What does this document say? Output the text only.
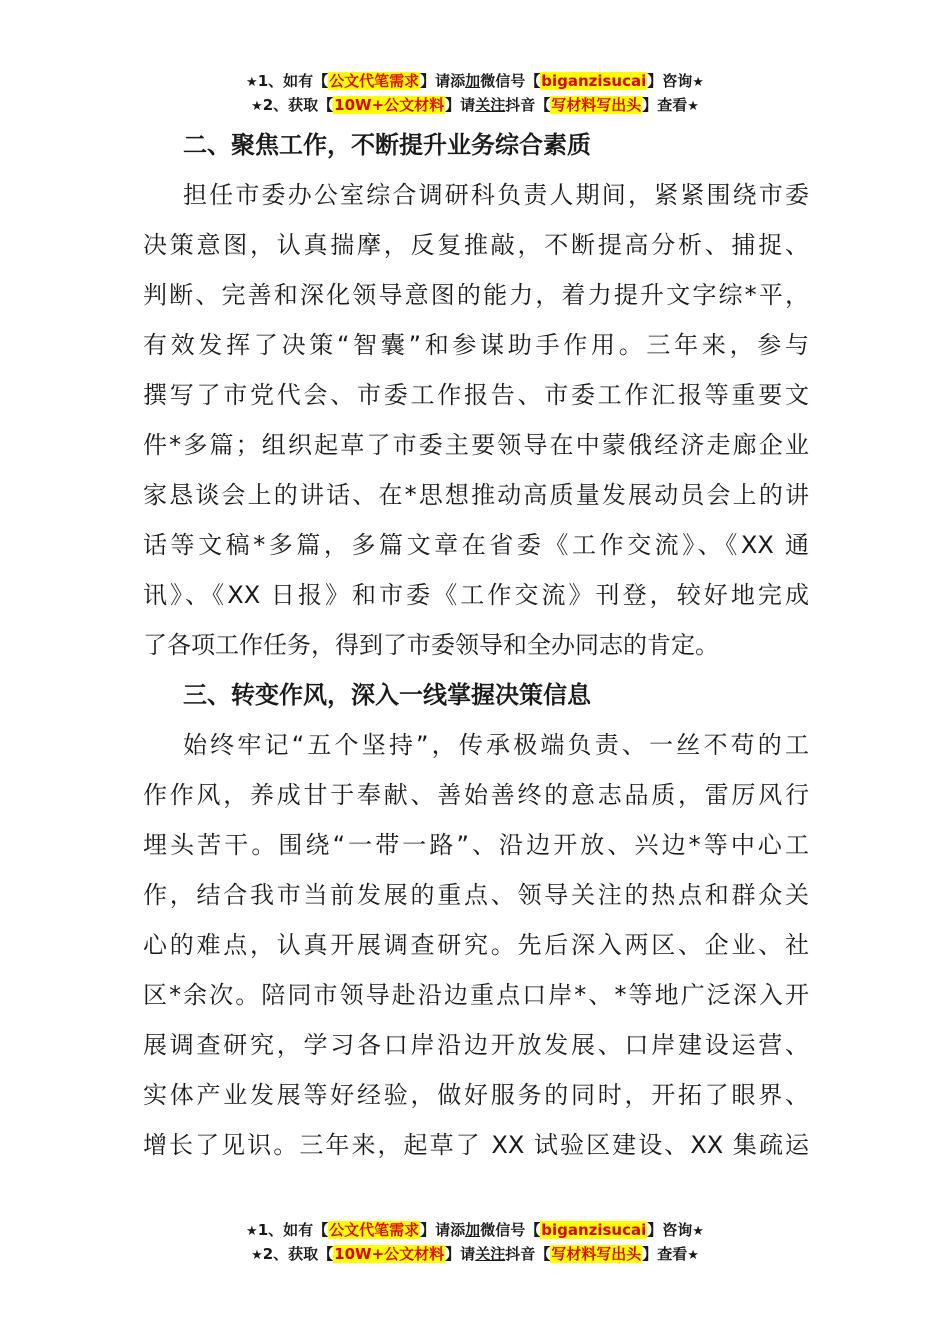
★1、如有【公文代笔需求】请添加微信号【biganzisucai】咨询★
★2、获取【10W+公文材料】请关注抖音【写材料写出头】查看★
二、聚焦工作，不断提升业务综合素质
担任市委办公室综合调研科负责人期间，紧紧围绕市委
决策意图，认真揣摩，反复推敲，不断提高分析、捕捉、
判断、完善和深化领导意图的能力，着力提升文字综*平，
有效发挥了决策“智囊”和参谋助手作用。三年来，参与
撰写了市党代会、市委工作报告、市委工作汇报等重要文
件*多篇；组织起草了市委主要领导在中蒙俄经济走廊企业
家恳谈会上的讲话、在*思想推动高质量发展动员会上的讲
话等文稿*多篇，多篇文章在省委《工作交流》、《XX 通
讯》、《XX 日报》和市委《工作交流》刊登，较好地完成
了各项工作任务，得到了市委领导和全办同志的肯定。
三、转变作风，深入一线掌握决策信息
始终牢记“五个坚持”，传承极端负责、一丝不苟的工
作作风，养成甘于奉献、善始善终的意志品质，雷厉风行
埋头苦干。围绕“一带一路”、沿边开放、兴边*等中心工
作，结合我市当前发展的重点、领导关注的热点和群众关
心的难点，认真开展调查研究。先后深入两区、企业、社
区*余次。陪同市领导赴沿边重点口岸*、*等地广泛深入开
展调查研究，学习各口岸沿边开放发展、口岸建设运营、
实体产业发展等好经验，做好服务的同时，开拓了眼界、
增长了见识。三年来，起草了 XX 试验区建设、XX 集疏运
★1、如有【公文代笔需求】请添加微信号【biganzisucai】咨询★
★2、获取【10W+公文材料】请关注抖音【写材料写出头】查看★
